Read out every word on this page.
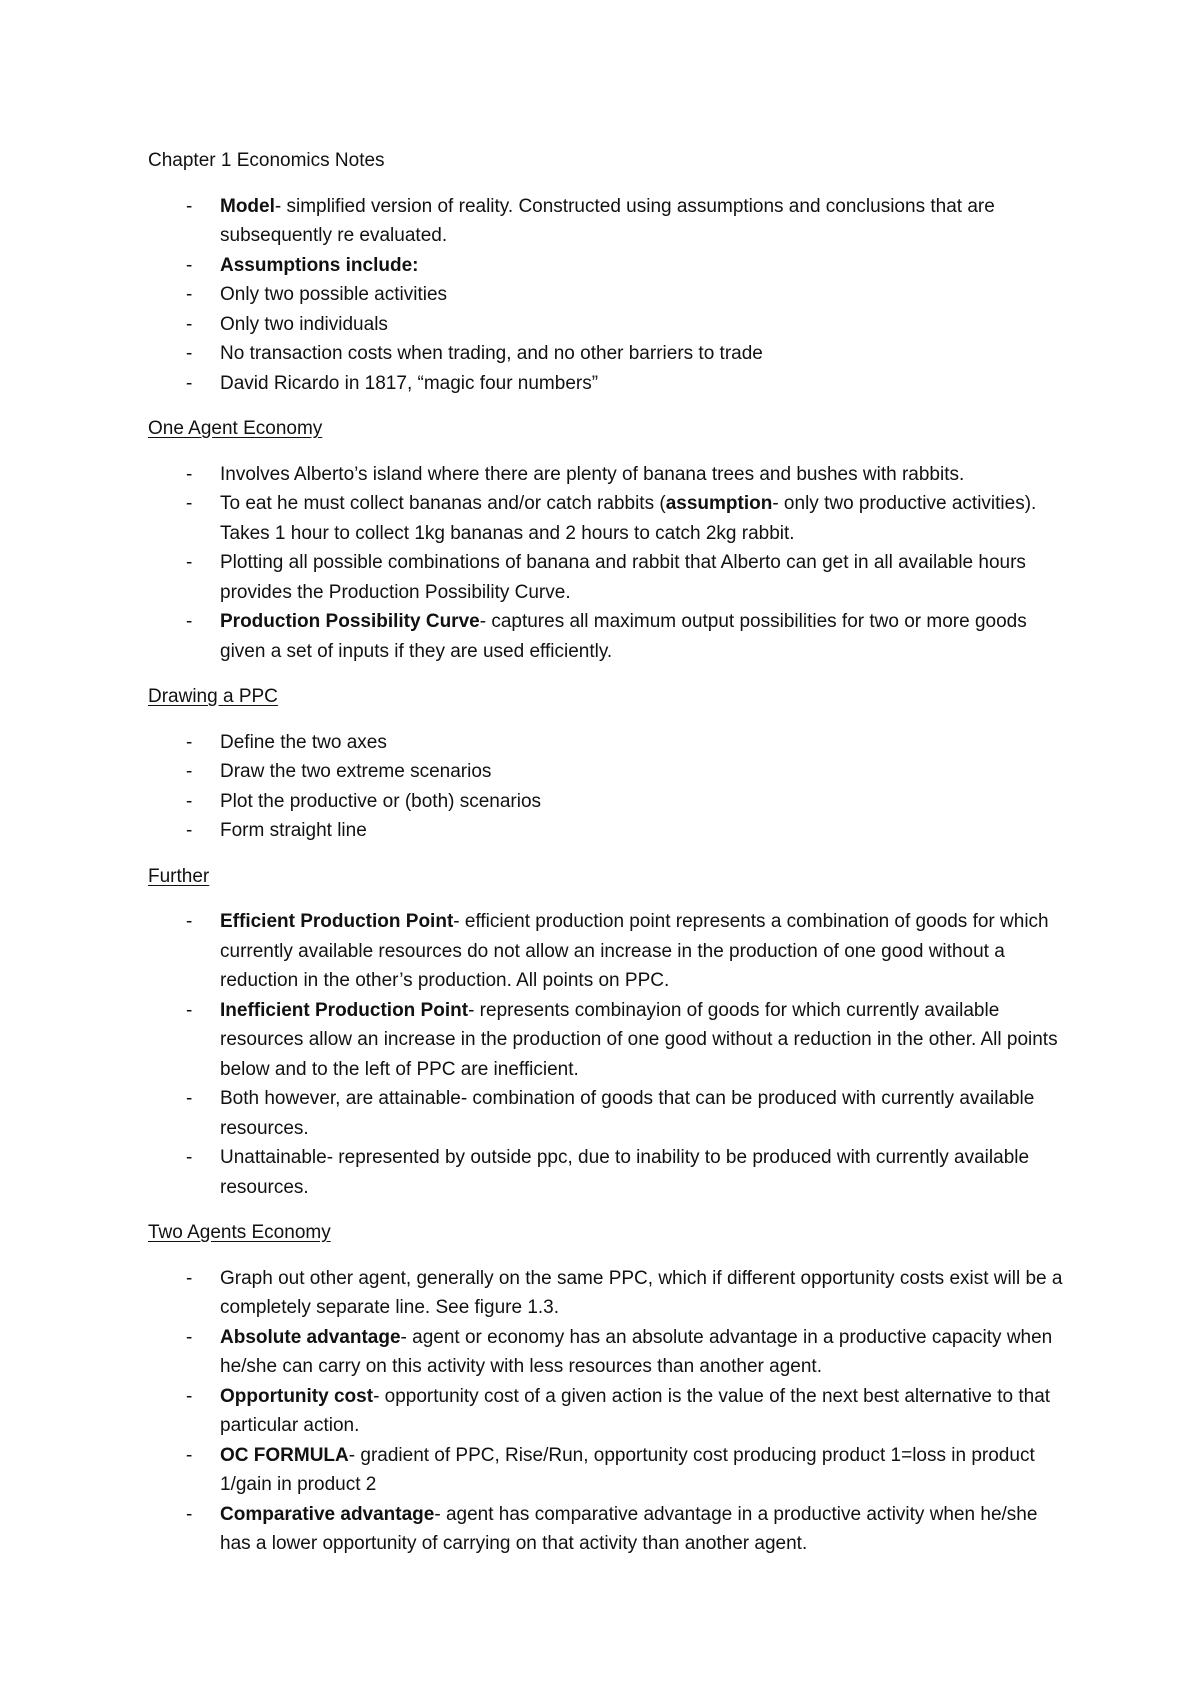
Chapter 1 Economics Notes
- Model- simplified version of reality. Constructed using assumptions and conclusions that are subsequently re evaluated.
- Assumptions include:
- Only two possible activities
- Only two individuals
- No transaction costs when trading, and no other barriers to trade
- David Ricardo in 1817, “magic four numbers”
One Agent Economy
- Involves Alberto’s island where there are plenty of banana trees and bushes with rabbits.
- To eat he must collect bananas and/or catch rabbits (assumption- only two productive activities). Takes 1 hour to collect 1kg bananas and 2 hours to catch 2kg rabbit.
- Plotting all possible combinations of banana and rabbit that Alberto can get in all available hours provides the Production Possibility Curve.
- Production Possibility Curve- captures all maximum output possibilities for two or more goods given a set of inputs if they are used efficiently.
Drawing a PPC
- Define the two axes
- Draw the two extreme scenarios
- Plot the productive or (both) scenarios
- Form straight line
Further
- Efficient Production Point- efficient production point represents a combination of goods for which currently available resources do not allow an increase in the production of one good without a reduction in the other’s production. All points on PPC.
- Inefficient Production Point- represents combinayion of goods for which currently available resources allow an increase in the production of one good without a reduction in the other. All points below and to the left of PPC are inefficient.
- Both however, are attainable- combination of goods that can be produced with currently available resources.
- Unattainable- represented by outside ppc, due to inability to be produced with currently available resources.
Two Agents Economy
- Graph out other agent, generally on the same PPC, which if different opportunity costs exist will be a completely separate line. See figure 1.3.
- Absolute advantage- agent or economy has an absolute advantage in a productive capacity when he/she can carry on this activity with less resources than another agent.
- Opportunity cost- opportunity cost of a given action is the value of the next best alternative to that particular action.
- OC FORMULA- gradient of PPC, Rise/Run, opportunity cost producing product 1=loss in product 1/gain in product 2
- Comparative advantage- agent has comparative advantage in a productive activity when he/she has a lower opportunity of carrying on that activity than another agent.
